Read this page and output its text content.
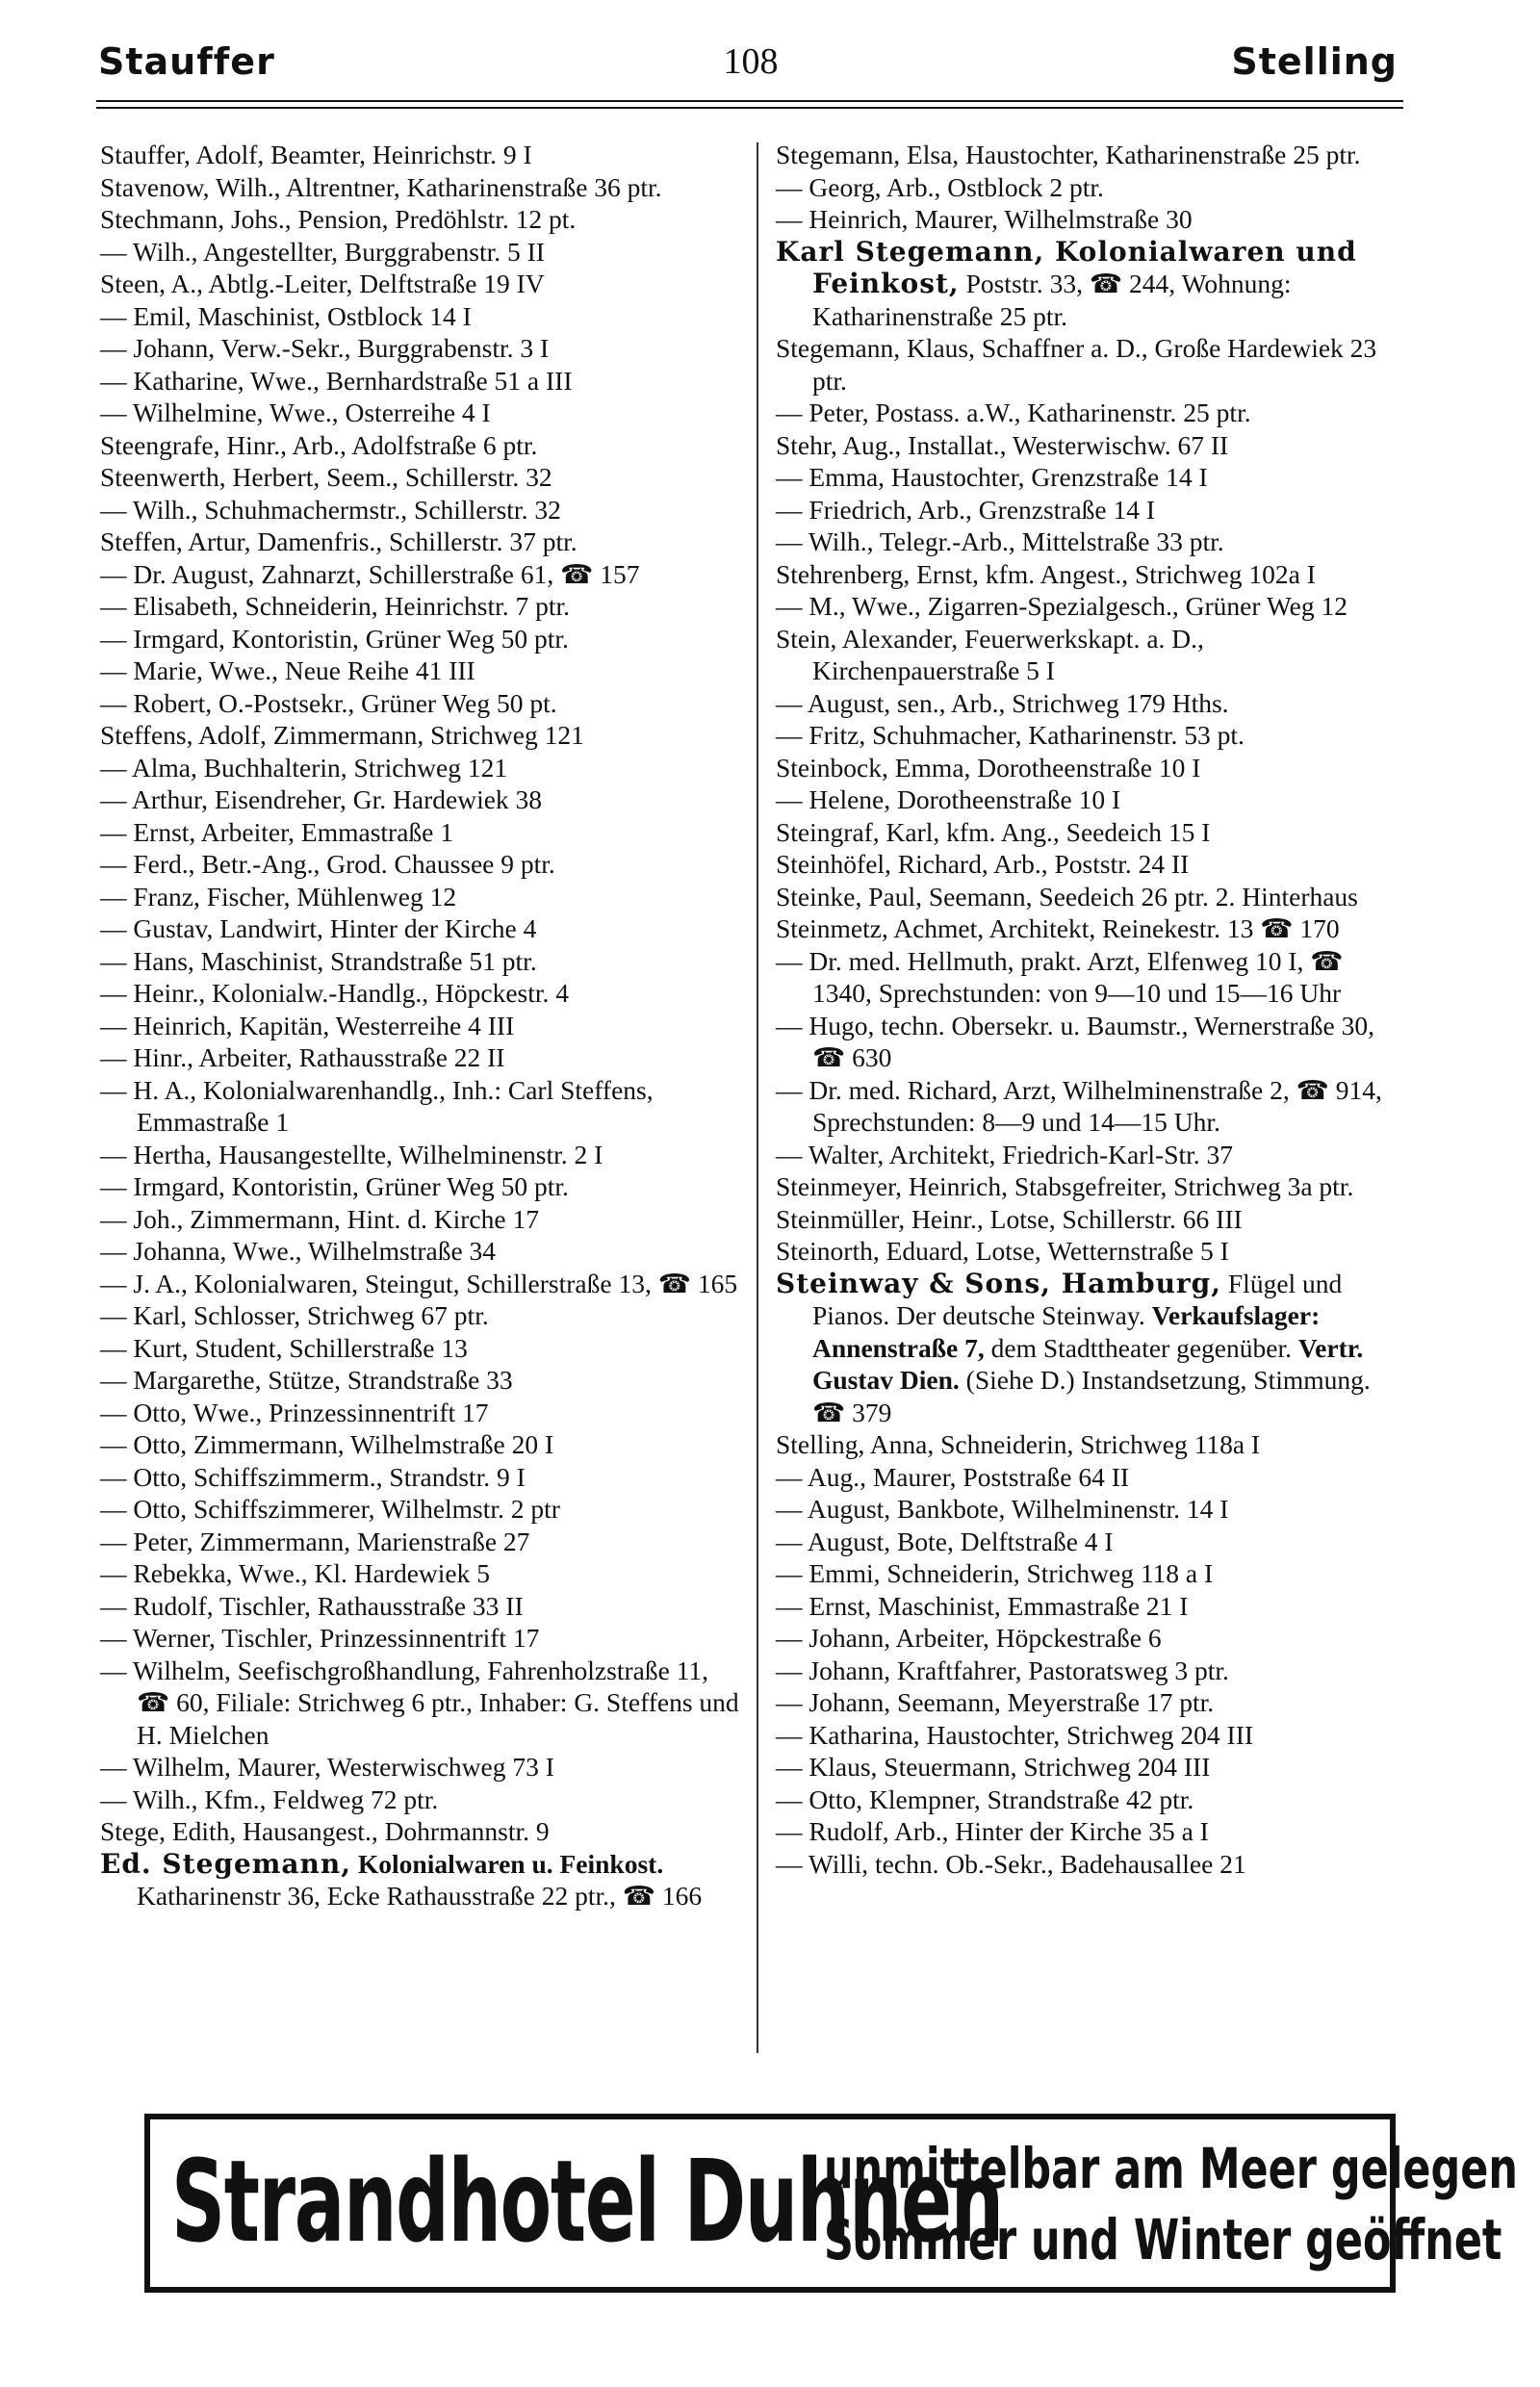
Stauffer	108	Stelling

Stauffer, Adolf, Beamter, Heinrichstr. 9 I

Stavenow, Wilh., Altrentner, Katharinenstraße 36 ptr.

Stechmann, Johs., Pension, Predöhlstr. 12 pt.

— Wilh., Angestellter, Burggrabenstr. 5 II

Steen, A., Abtlg.-Leiter, Delftstraße 19 IV

— Emil, Maschinist, Ostblock 14 I

— Johann, Verw.-Sekr., Burggrabenstr. 3 I

— Katharine, Wwe., Bernhardstraße 51 a III

— Wilhelmine, Wwe., Osterreihe 4 I

Steengrafe, Hinr., Arb., Adolfstraße 6 ptr.

Steenwerth, Herbert, Seem., Schillerstr. 32

— Wilh., Schuhmachermstr., Schillerstr. 32

Steffen, Artur, Damenfris., Schillerstr. 37 ptr.

— Dr. August, Zahnarzt, Schillerstraße 61, ☎ 157

— Elisabeth, Schneiderin, Heinrichstr. 7 ptr.

— Irmgard, Kontoristin, Grüner Weg 50 ptr.

— Marie, Wwe., Neue Reihe 41 III

— Robert, O.-Postsekr., Grüner Weg 50 pt.

Steffens, Adolf, Zimmermann, Strichweg 121

— Alma, Buchhalterin, Strichweg 121

— Arthur, Eisendreher, Gr. Hardewiek 38

— Ernst, Arbeiter, Emmastraße 1

— Ferd., Betr.-Ang., Grod. Chaussee 9 ptr.

— Franz, Fischer, Mühlenweg 12

— Gustav, Landwirt, Hinter der Kirche 4

— Hans, Maschinist, Strandstraße 51 ptr.

— Heinr., Kolonialw.-Handlg., Höpckestr. 4

— Heinrich, Kapitän, Westerreihe 4 III

— Hinr., Arbeiter, Rathausstraße 22 II

— H. A., Kolonialwarenhandlg., Inh.: Carl Steffens, Emmastraße 1

— Hertha, Hausangestellte, Wilhelminenstr. 2 I

— Irmgard, Kontoristin, Grüner Weg 50 ptr.

— Joh., Zimmermann, Hint. d. Kirche 17

— Johanna, Wwe., Wilhelmstraße 34

— J. A., Kolonialwaren, Steingut, Schillerstraße 13, ☎ 165

— Karl, Schlosser, Strichweg 67 ptr.

— Kurt, Student, Schillerstraße 13

— Margarethe, Stütze, Strandstraße 33

— Otto, Wwe., Prinzessinnentrift 17

— Otto, Zimmermann, Wilhelmstraße 20 I

— Otto, Schiffszimmerm., Strandstr. 9 I

— Otto, Schiffszimmerer, Wilhelmstr. 2 ptr

— Peter, Zimmermann, Marienstraße 27

— Rebekka, Wwe., Kl. Hardewiek 5

— Rudolf, Tischler, Rathausstraße 33 II

— Werner, Tischler, Prinzessinnentrift 17

— Wilhelm, Seefischgroßhandlung, Fahrenholzstraße 11, ☎ 60, Filiale: Strichweg 6 ptr., Inhaber: G. Steffens und H. Mielchen

— Wilhelm, Maurer, Westerwischweg 73 I

— Wilh., Kfm., Feldweg 72 ptr.

Stege, Edith, Hausangest., Dohrmannstr. 9

Ed. Stegemann, Kolonialwaren u. Feinkost. Katharinenstr 36, Ecke Rathausstraße 22 ptr., ☎ 166

Stegemann, Elsa, Haustochter, Katharinenstraße 25 ptr.

— Georg, Arb., Ostblock 2 ptr.

— Heinrich, Maurer, Wilhelmstraße 30

Karl Stegemann, Kolonialwaren und Feinkost, Poststr. 33, ☎ 244, Wohnung: Katharinenstraße 25 ptr.

Stegemann, Klaus, Schaffner a. D., Große Hardewiek 23 ptr.

— Peter, Postass. a.W., Katharinenstr. 25 ptr.

Stehr, Aug., Installat., Westerwischw. 67 II

— Emma, Haustochter, Grenzstraße 14 I

— Friedrich, Arb., Grenzstraße 14 I

— Wilh., Telegr.-Arb., Mittelstraße 33 ptr.

Stehrenberg, Ernst, kfm. Angest., Strichweg 102a I

— M., Wwe., Zigarren-Spezialgesch., Grüner Weg 12

Stein, Alexander, Feuerwerkskapt. a. D., Kirchenpauerstraße 5 I

— August, sen., Arb., Strichweg 179 Hths.

— Fritz, Schuhmacher, Katharinenstr. 53 pt.

Steinbock, Emma, Dorotheenstraße 10 I

— Helene, Dorotheenstraße 10 I

Steingraf, Karl, kfm. Ang., Seedeich 15 I

Steinhöfel, Richard, Arb., Poststr. 24 II

Steinke, Paul, Seemann, Seedeich 26 ptr. 2. Hinterhaus

Steinmetz, Achmet, Architekt, Reinekestr. 13 ☎ 170

— Dr. med. Hellmuth, prakt. Arzt, Elfenweg 10 I, ☎ 1340, Sprechstunden: von 9—10 und 15—16 Uhr

— Hugo, techn. Obersekr. u. Baumstr., Wernerstraße 30, ☎ 630

— Dr. med. Richard, Arzt, Wilhelminenstraße 2, ☎ 914, Sprechstunden: 8—9 und 14—15 Uhr.

— Walter, Architekt, Friedrich-Karl-Str. 37

Steinmeyer, Heinrich, Stabsgefreiter, Strichweg 3a ptr.

Steinmüller, Heinr., Lotse, Schillerstr. 66 III

Steinorth, Eduard, Lotse, Wetternstraße 5 I

Steinway & Sons, Hamburg, Flügel und Pianos. Der deutsche Steinway. Verkaufslager: Annenstraße 7, dem Stadttheater gegenüber. Vertr. Gustav Dien. (Siehe D.) Instandsetzung, Stimmung. ☎ 379

Stelling, Anna, Schneiderin, Strichweg 118a I

— Aug., Maurer, Poststraße 64 II

— August, Bankbote, Wilhelminenstr. 14 I

— August, Bote, Delftstraße 4 I

— Emmi, Schneiderin, Strichweg 118 a I

— Ernst, Maschinist, Emmastraße 21 I

— Johann, Arbeiter, Höpckestraße 6

— Johann, Kraftfahrer, Pastoratsweg 3 ptr.

— Johann, Seemann, Meyerstraße 17 ptr.

— Katharina, Haustochter, Strichweg 204 III

— Klaus, Steuermann, Strichweg 204 III

— Otto, Klempner, Strandstraße 42 ptr.

— Rudolf, Arb., Hinter der Kirche 35 a I

— Willi, techn. Ob.-Sekr., Badehausallee 21

Strandhotel Duhnen
unmittelbar am Meer gelegen
Sommer und Winter geöffnet
